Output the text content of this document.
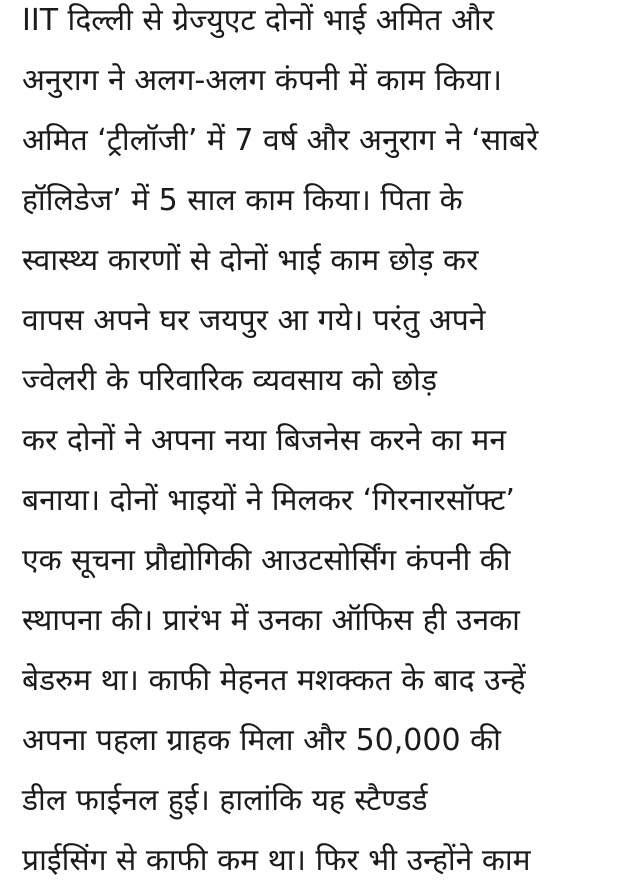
IIT दिल्ली से ग्रेज्युएट दोनों भाई अमित और
अनुराग ने अलग-अलग कंपनी में काम किया।
अमित ‘ट्रीलॉजी’ में 7 वर्ष और अनुराग ने ‘साबरे
हॉलिडेज’ में 5 साल काम किया। पिता के
स्वास्थ्य कारणों से दोनों भाई काम छोड़ कर
वापस अपने घर जयपुर आ गये। परंतु अपने
ज्वेलरी के परिवारिक व्यवसाय को छोड़
कर दोनों ने अपना नया बिजनेस करने का मन
बनाया। दोनों भाइयों ने मिलकर ‘गिरनारसॉफ्ट’
एक सूचना प्रौद्योगिकी आउटसोर्सिंग कंपनी की
स्थापना की। प्रारंभ में उनका ऑफिस ही उनका
बेडरुम था। काफी मेहनत मशक्कत के बाद उन्हें
अपना पहला ग्राहक मिला और 50,000 की
डील फाईनल हुई। हालांकि यह स्टैण्डर्ड
प्राईसिंग से काफी कम था। फिर भी उन्होंने काम
